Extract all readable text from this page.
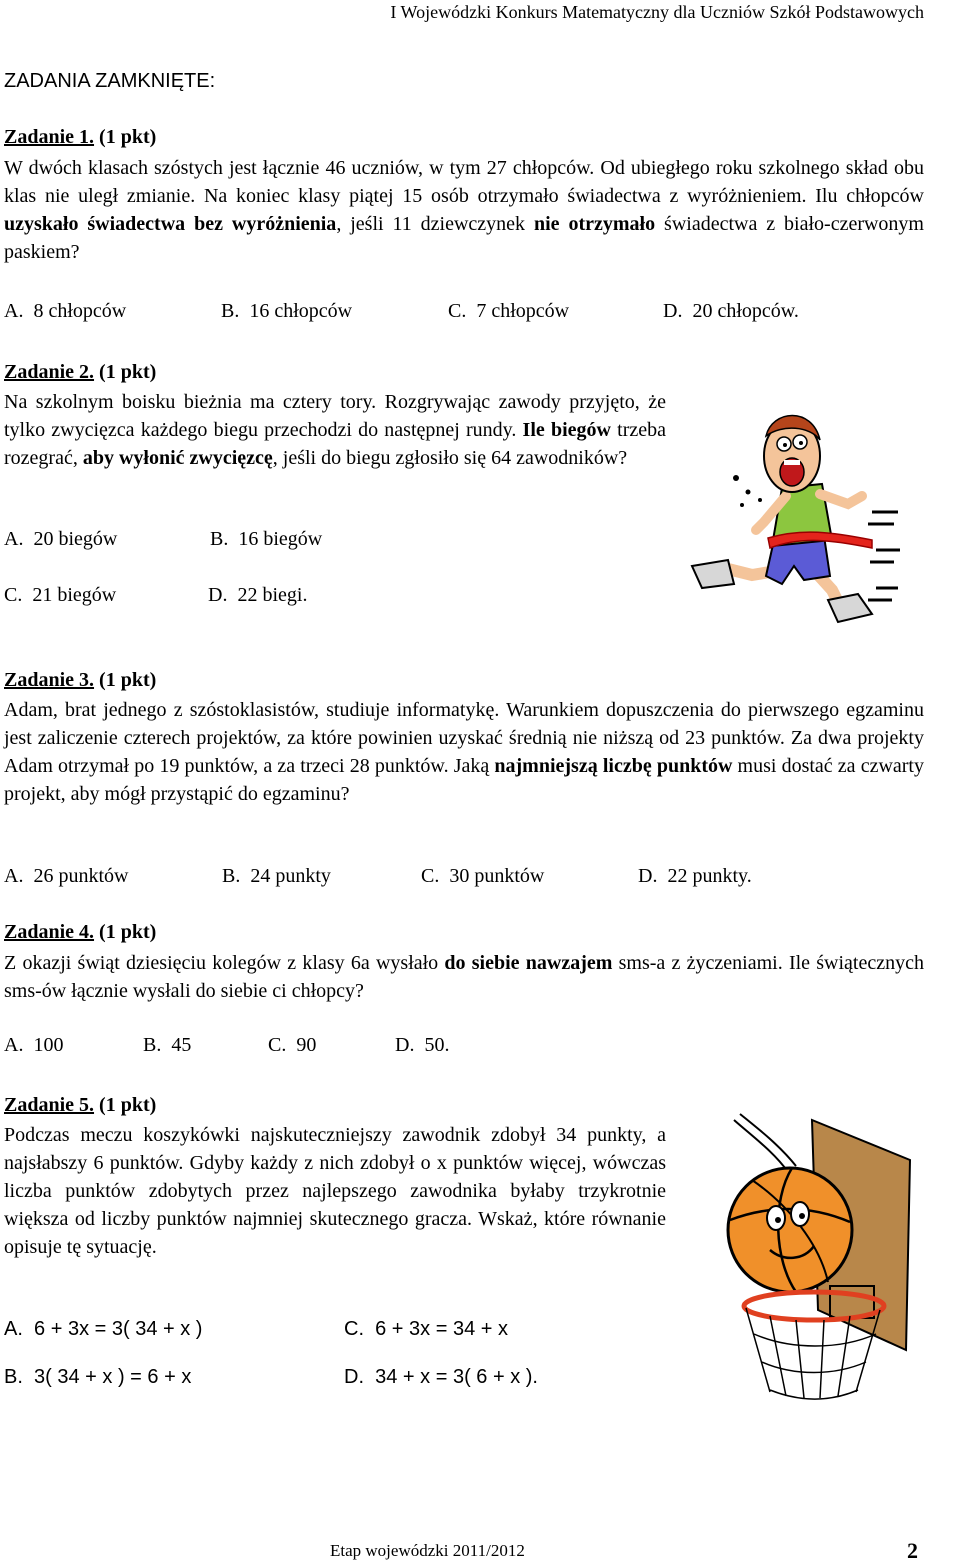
I Wojewódzki Konkurs Matematyczny dla Uczniów Szkół Podstawowych
ZADANIA ZAMKNIĘTE:
Zadanie 1. (1 pkt)
W dwóch klasach szóstych jest łącznie 46 uczniów, w tym 27 chłopców. Od ubiegłego roku szkolnego skład obu klas nie uległ zmianie. Na koniec klasy piątej 15 osób otrzymało świadectwa z wyróżnieniem. Ilu chłopców uzyskało świadectwa bez wyróżnienia, jeśli 11 dziewczynek nie otrzymało świadectwa z biało-czerwonym paskiem?
A. 8 chłopców	B. 16 chłopców	C. 7 chłopców	D. 20 chłopców.
Zadanie 2. (1 pkt)
Na szkolnym boisku bieżnia ma cztery tory. Rozgrywając zawody przyjęto, że tylko zwycięzca każdego biegu przechodzi do następnej rundy. Ile biegów trzeba rozegrać, aby wyłonić zwycięzcę, jeśli do biegu zgłosiło się 64 zawodników?
A. 20 biegów	B. 16 biegów
C. 21 biegów	D. 22 biegi.
Zadanie 3. (1 pkt)
Adam, brat jednego z szóstoklasistów, studiuje informatykę. Warunkiem dopuszczenia do pierwszego egzaminu jest zaliczenie czterech projektów, za które powinien uzyskać średnią nie niższą od 23 punktów. Za dwa projekty Adam otrzymał po 19 punktów, a za trzeci 28 punktów. Jaką najmniejszą liczbę punktów musi dostać za czwarty projekt, aby mógł przystąpić do egzaminu?
A. 26 punktów	B. 24 punkty	C. 30 punktów	D. 22 punkty.
Zadanie 4. (1 pkt)
Z okazji świąt dziesięciu kolegów z klasy 6a wysłało do siebie nawzajem sms-a z życzeniami. Ile świątecznych sms-ów łącznie wysłali do siebie ci chłopcy?
A. 100	B. 45	C. 90	D. 50.
Zadanie 5. (1 pkt)
Podczas meczu koszykówki najskuteczniejszy zawodnik zdobył 34 punkty, a najsłabszy 6 punktów. Gdyby każdy z nich zdobył o x punktów więcej, wówczas liczba punktów zdobytych przez najlepszego zawodnika byłaby trzykrotnie większa od liczby punktów najmniej skutecznego gracza. Wskaż, które równanie opisuje tę sytuację.
A. 6 + 3x = 3( 34 + x )	C. 6 + 3x = 34 + x
B. 3( 34 + x ) = 6 + x	D. 34 + x = 3( 6 + x ).
Etap wojewódzki 2011/2012	2
